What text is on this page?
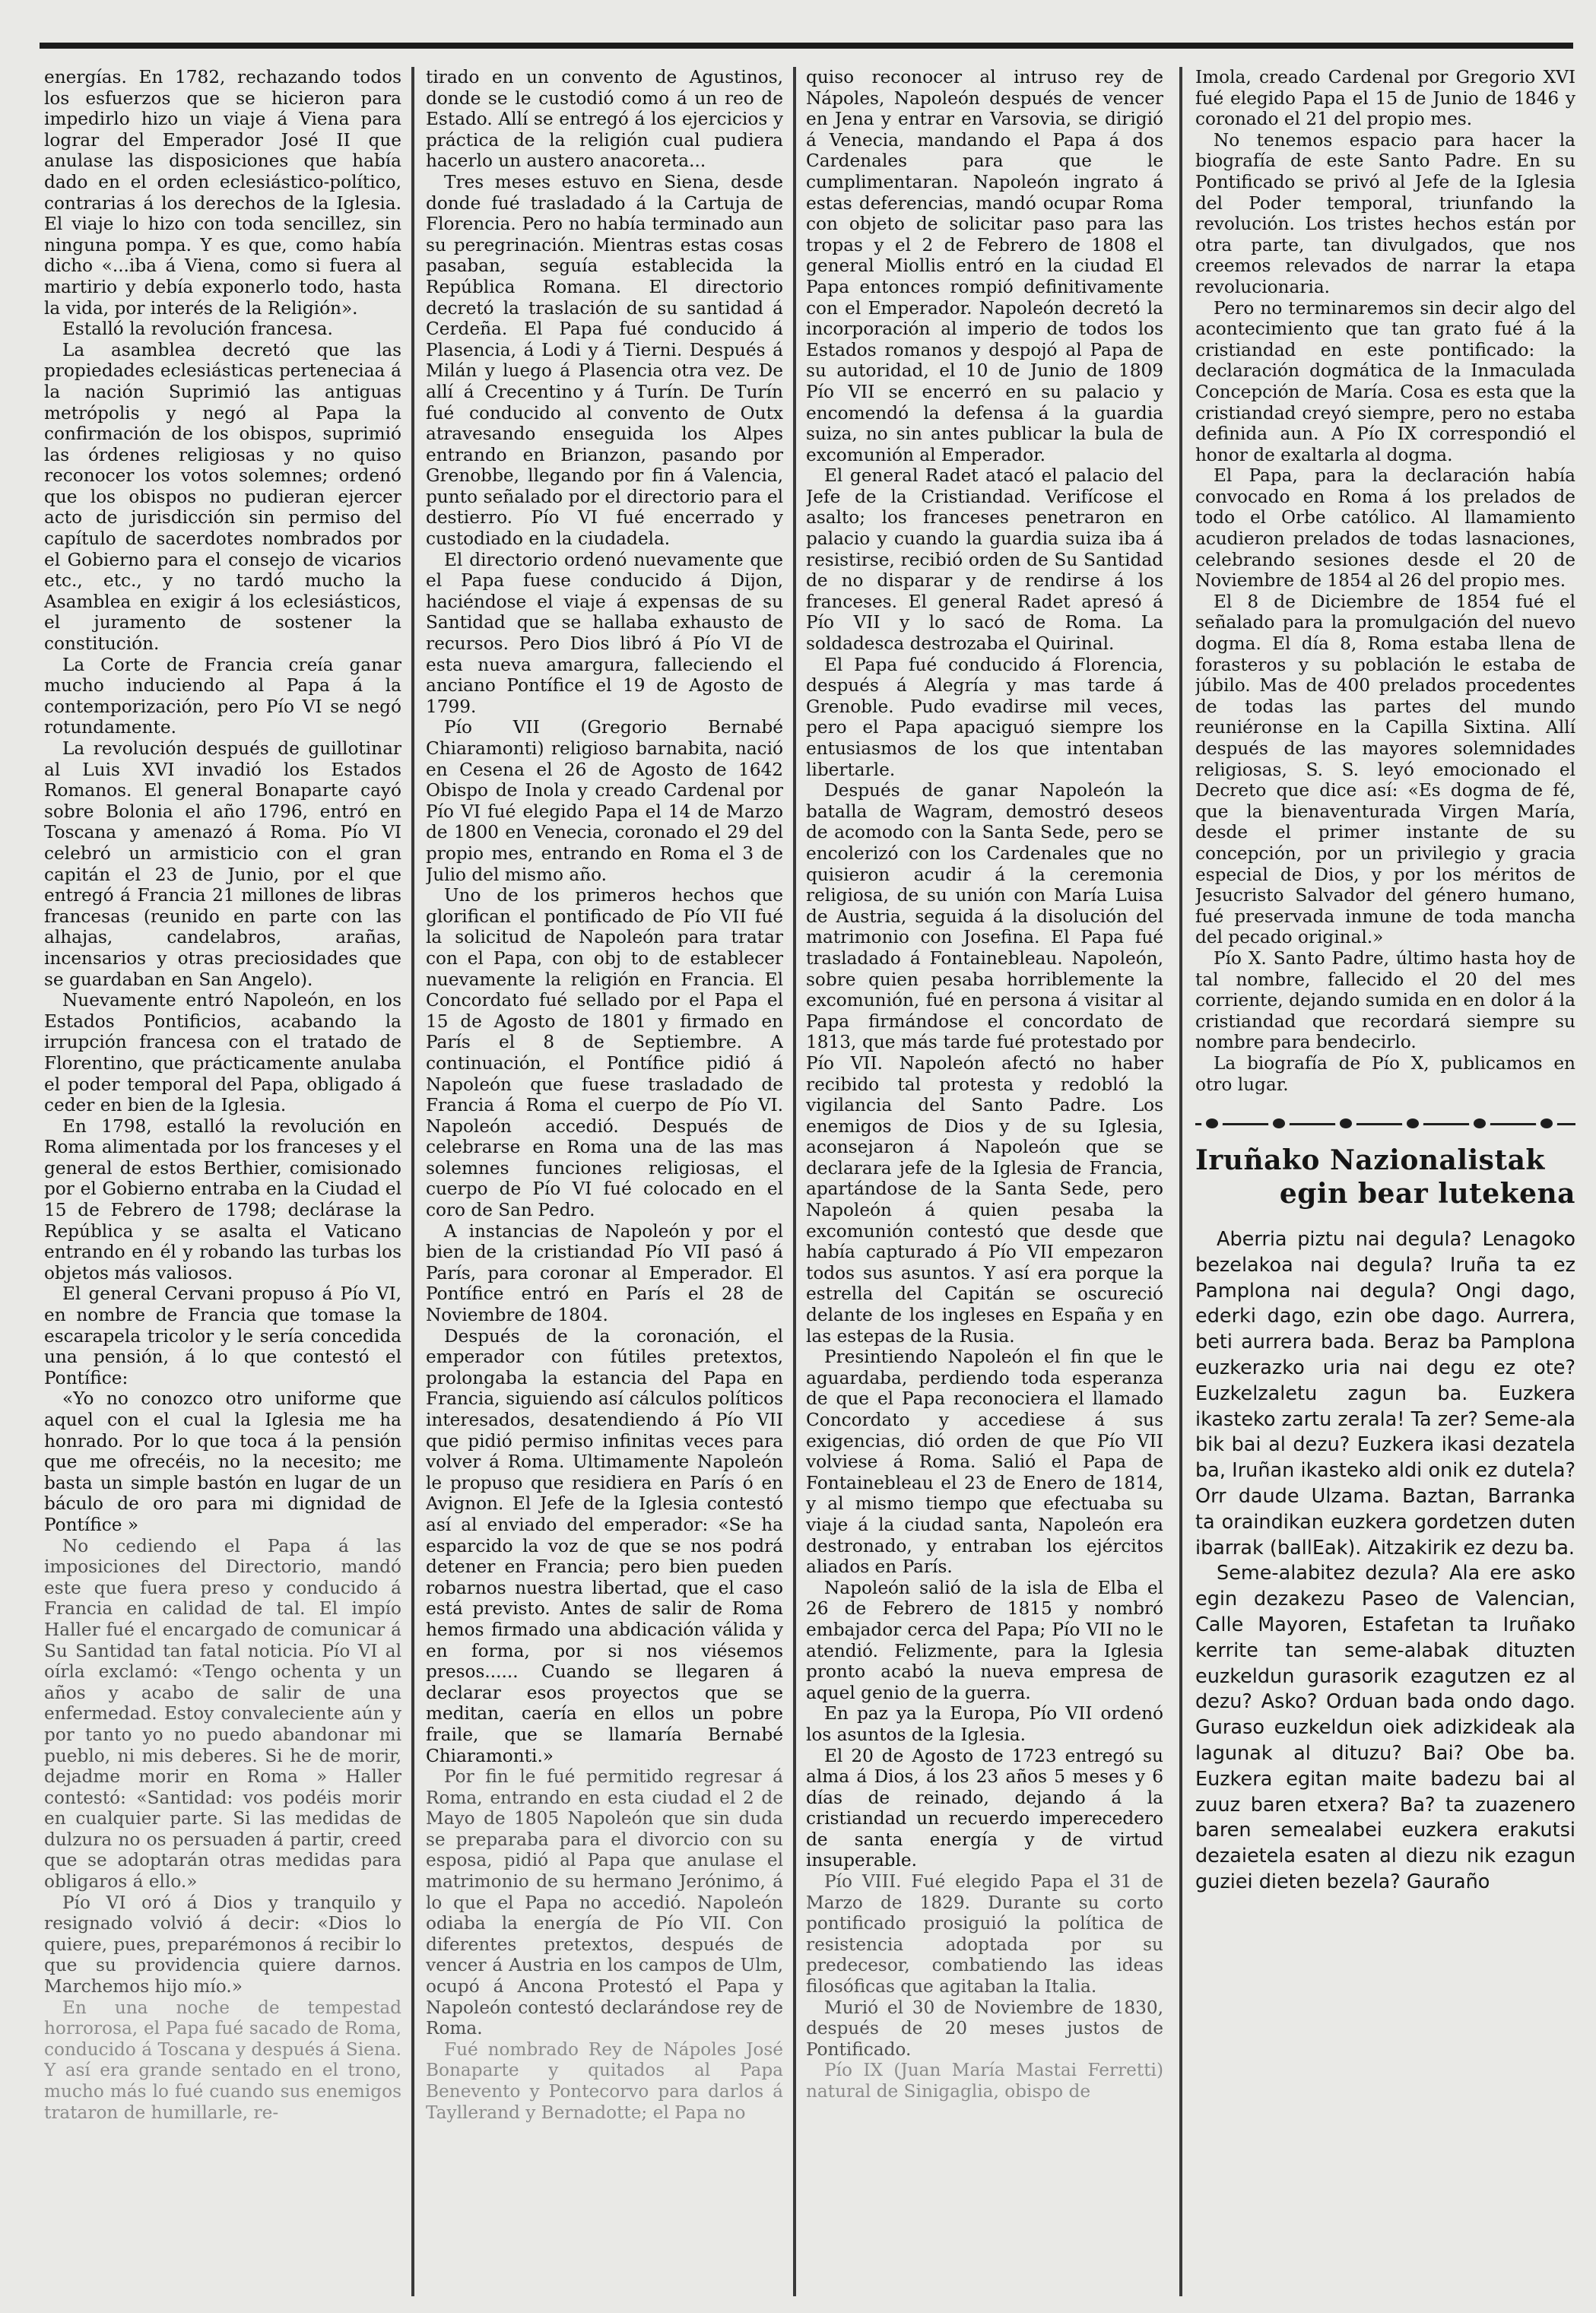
energías. En 1782, rechazando todos los esfuerzos que se hicieron para impedirlo hizo un viaje á Viena para lograr del Emperador José II que anulase las disposiciones que había dado en el orden eclesiástico-político, contrarias á los derechos de la Iglesia. El viaje lo hizo con toda sencillez, sin ninguna pompa. Y es que, como había dicho «...iba á Viena, como si fuera al martirio y debía exponerlo todo, hasta la vida, por interés de la Religión».

Estalló la revolución francesa.

La asamblea decretó que las propiedades eclesiásticas perteneciaa á la nación Suprimió las antiguas metrópolis y negó al Papa la confirmación de los obispos, suprimió las órdenes religiosas y no quiso reconocer los votos solemnes; ordenó que los obispos no pudieran ejercer acto de jurisdicción sin permiso del capítulo de sacerdotes nombrados por el Gobierno para el consejo de vicarios etc., etc., y no tardó mucho la Asamblea en exigir á los eclesiásticos, el juramento de sostener la constitución.

La Corte de Francia creía ganar mucho induciendo al Papa á la contemporización, pero Pío VI se negó rotundamente.

La revolución después de guillotinar al Luis XVI invadió los Estados Romanos. El general Bonaparte cayó sobre Bolonia el año 1796, entró en Toscana y amenazó á Roma. Pío VI celebró un armisticio con el gran capitán el 23 de Junio, por el que entregó á Francia 21 millones de libras francesas (reunido en parte con las alhajas, candelabros, arañas, incensarios y otras preciosidades que se guardaban en San Angelo).

Nuevamente entró Napoleón, en los Estados Pontificios, acabando la irrupción francesa con el tratado de Florentino, que prácticamente anulaba el poder temporal del Papa, obligado á ceder en bien de la Iglesia.

En 1798, estalló la revolución en Roma alimentada por los franceses y el general de estos Berthier, comisionado por el Gobierno entraba en la Ciudad el 15 de Febrero de 1798; declárase la República y se asalta el Vaticano entrando en él y robando las turbas los objetos más valiosos.

El general Cervani propuso á Pío VI, en nombre de Francia que tomase la escarapela tricolor y le sería concedida una pensión, á lo que contestó el Pontífice:

«Yo no conozco otro uniforme que aquel con el cual la Iglesia me ha honrado. Por lo que toca á la pensión que me ofrecéis, no la necesito; me basta un simple bastón en lugar de un báculo de oro para mi dignidad de Pontífice »

No cediendo el Papa á las imposiciones del Directorio, mandó este que fuera preso y conducido á Francia en calidad de tal. El impío Haller fué el encargado de comunicar á Su Santidad tan fatal noticia. Pío VI al oírla exclamó: «Tengo ochenta y un años y acabo de salir de una enfermedad. Estoy convaleciente aún y por tanto yo no puedo abandonar mi pueblo, ni mis deberes. Si he de morir, dejadme morir en Roma » Haller contestó: «Santidad: vos podéis morir en cualquier parte. Si las medidas de dulzura no os persuaden á partir, creed que se adoptarán otras medidas para obligaros á ello.»

Pío VI oró á Dios y tranquilo y resignado volvió á decir: «Dios lo quiere, pues, preparémonos á recibir lo que su providencia quiere darnos. Marchemos hijo mío.»

En una noche de tempestad horrorosa, el Papa fué sacado de Roma, conducido á Toscana y después á Siena. Y así era grande sentado en el trono, mucho más lo fué cuando sus enemigos trataron de humillarle, re-

tirado en un convento de Agustinos, donde se le custodió como á un reo de Estado. Allí se entregó á los ejercicios y práctica de la religión cual pudiera hacerlo un austero anacoreta...

Tres meses estuvo en Siena, desde donde fué trasladado á la Cartuja de Florencia. Pero no había terminado aun su peregrinación. Mientras estas cosas pasaban, seguía establecida la República Romana. El directorio decretó la traslación de su santidad á Cerdeña. El Papa fué conducido á Plasencia, á Lodi y á Tierni. Después á Milán y luego á Plasencia otra vez. De allí á Crecentino y á Turín. De Turín fué conducido al convento de Outx atravesando enseguida los Alpes entrando en Brianzon, pasando por Grenobbe, llegando por fin á Valencia, punto señalado por el directorio para el destierro. Pío VI fué encerrado y custodiado en la ciudadela.

El directorio ordenó nuevamente que el Papa fuese conducido á Dijon, haciéndose el viaje á expensas de su Santidad que se hallaba exhausto de recursos. Pero Dios libró á Pío VI de esta nueva amargura, falleciendo el anciano Pontífice el 19 de Agosto de 1799.

Pío VII (Gregorio Bernabé Chiaramonti) religioso barnabita, nació en Cesena el 26 de Agosto de 1642 Obispo de Inola y creado Cardenal por Pío VI fué elegido Papa el 14 de Marzo de 1800 en Venecia, coronado el 29 del propio mes, entrando en Roma el 3 de Julio del mismo año.

Uno de los primeros hechos que glorifican el pontificado de Pío VII fué la solicitud de Napoleón para tratar con el Papa, con obj to de establecer nuevamente la religión en Francia. El Concordato fué sellado por el Papa el 15 de Agosto de 1801 y firmado en París el 8 de Septiembre. A continuación, el Pontífice pidió á Napoleón que fuese trasladado de Francia á Roma el cuerpo de Pío VI. Napoleón accedió. Después de celebrarse en Roma una de las mas solemnes funciones religiosas, el cuerpo de Pío VI fué colocado en el coro de San Pedro.

A instancias de Napoleón y por el bien de la cristiandad Pío VII pasó á París, para coronar al Emperador. El Pontífice entró en París el 28 de Noviembre de 1804.

Después de la coronación, el emperador con fútiles pretextos, prolongaba la estancia del Papa en Francia, siguiendo así cálculos políticos interesados, desatendiendo á Pío VII que pidió permiso infinitas veces para volver á Roma. Ultimamente Napoleón le propuso que residiera en París ó en Avignon. El Jefe de la Iglesia contestó así al enviado del emperador: «Se ha esparcido la voz de que se nos podrá detener en Francia; pero bien pueden robarnos nuestra libertad, que el caso está previsto. Antes de salir de Roma hemos firmado una abdicación válida y en forma, por si nos viésemos presos...... Cuando se llegaren á declarar esos proyectos que se meditan, caería en ellos un pobre fraile, que se llamaría Bernabé Chiaramonti.»

Por fin le fué permitido regresar á Roma, entrando en esta ciudad el 2 de Mayo de 1805 Napoleón que sin duda se preparaba para el divorcio con su esposa, pidió al Papa que anulase el matrimonio de su hermano Jerónimo, á lo que el Papa no accedió. Napoleón odiaba la energía de Pío VII. Con diferentes pretextos, después de vencer á Austria en los campos de Ulm, ocupó á Ancona Protestó el Papa y Napoleón contestó declarándose rey de Roma.

Fué nombrado Rey de Nápoles José Bonaparte y quitados al Papa Benevento y Pontecorvo para darlos á Tayllerand y Bernadotte; el Papa no

quiso reconocer al intruso rey de Nápoles, Napoleón después de vencer en Jena y entrar en Varsovia, se dirigió á Venecia, mandando el Papa á dos Cardenales para que le cumplimentaran. Napoleón ingrato á estas deferencias, mandó ocupar Roma con objeto de solicitar paso para las tropas y el 2 de Febrero de 1808 el general Miollis entró en la ciudad El Papa entonces rompió definitivamente con el Emperador. Napoleón decretó la incorporación al imperio de todos los Estados romanos y despojó al Papa de su autoridad, el 10 de Junio de 1809 Pío VII se encerró en su palacio y encomendó la defensa á la guardia suiza, no sin antes publicar la bula de excomunión al Emperador.

El general Radet atacó el palacio del Jefe de la Cristiandad. Verifícose el asalto; los franceses penetraron en palacio y cuando la guardia suiza iba á resistirse, recibió orden de Su Santidad de no disparar y de rendirse á los franceses. El general Radet apresó á Pío VII y lo sacó de Roma. La soldadesca destrozaba el Quirinal.

El Papa fué conducido á Florencia, después á Alegría y mas tarde á Grenoble. Pudo evadirse mil veces, pero el Papa apaciguó siempre los entusiasmos de los que intentaban libertarle.

Después de ganar Napoleón la batalla de Wagram, demostró deseos de acomodo con la Santa Sede, pero se encolerizó con los Cardenales que no quisieron acudir á la ceremonia religiosa, de su unión con María Luisa de Austria, seguida á la disolución del matrimonio con Josefina. El Papa fué trasladado á Fontainebleau. Napoleón, sobre quien pesaba horriblemente la excomunión, fué en persona á visitar al Papa firmándose el concordato de 1813, que más tarde fué protestado por Pío VII. Napoleón afectó no haber recibido tal protesta y redobló la vigilancia del Santo Padre. Los enemigos de Dios y de su Iglesia, aconsejaron á Napoleón que se declarara jefe de la Iglesia de Francia, apartándose de la Santa Sede, pero Napoleón á quien pesaba la excomunión contestó que desde que había capturado á Pío VII empezaron todos sus asuntos. Y así era porque la estrella del Capitán se oscureció delante de los ingleses en España y en las estepas de la Rusia.

Presintiendo Napoleón el fin que le aguardaba, perdiendo toda esperanza de que el Papa reconociera el llamado Concordato y accediese á sus exigencias, dió orden de que Pío VII volviese á Roma. Salió el Papa de Fontainebleau el 23 de Enero de 1814, y al mismo tiempo que efectuaba su viaje á la ciudad santa, Napoleón era destronado, y entraban los ejércitos aliados en París.

Napoleón salió de la isla de Elba el 26 de Febrero de 1815 y nombró embajador cerca del Papa; Pío VII no le atendió. Felizmente, para la Iglesia pronto acabó la nueva empresa de aquel genio de la guerra.

En paz ya la Europa, Pío VII ordenó los asuntos de la Iglesia.

El 20 de Agosto de 1723 entregó su alma á Dios, á los 23 años 5 meses y 6 días de reinado, dejando á la cristiandad un recuerdo imperecedero de santa energía y de virtud insuperable.

Pío VIII. Fué elegido Papa el 31 de Marzo de 1829. Durante su corto pontificado prosiguió la política de resistencia adoptada por su predecesor, combatiendo las ideas filosóficas que agitaban la Italia.

Murió el 30 de Noviembre de 1830, después de 20 meses justos de Pontificado.

Pío IX (Juan María Mastai Ferretti) natural de Sinigaglia, obispo de

Imola, creado Cardenal por Gregorio XVI fué elegido Papa el 15 de Junio de 1846 y coronado el 21 del propio mes.

No tenemos espacio para hacer la biografía de este Santo Padre. En su Pontificado se privó al Jefe de la Iglesia del Poder temporal, triunfando la revolución. Los tristes hechos están por otra parte, tan divulgados, que nos creemos relevados de narrar la etapa revolucionaria.

Pero no terminaremos sin decir algo del acontecimiento que tan grato fué á la cristiandad en este pontificado: la declaración dogmática de la Inmaculada Concepción de María. Cosa es esta que la cristiandad creyó siempre, pero no estaba definida aun. A Pío IX correspondió el honor de exaltarla al dogma.

El Papa, para la declaración había convocado en Roma á los prelados de todo el Orbe católico. Al llamamiento acudieron prelados de todas lasnaciones, celebrando sesiones desde el 20 de Noviembre de 1854 al 26 del propio mes.

El 8 de Diciembre de 1854 fué el señalado para la promulgación del nuevo dogma. El día 8, Roma estaba llena de forasteros y su población le estaba de júbilo. Mas de 400 prelados procedentes de todas las partes del mundo reuniéronse en la Capilla Sixtina. Allí después de las mayores solemnidades religiosas, S. S. leyó emocionado el Decreto que dice así: «Es dogma de fé, que la bienaventurada Virgen María, desde el primer instante de su concepción, por un privilegio y gracia especial de Dios, y por los méritos de Jesucristo Salvador del género humano, fué preservada inmune de toda mancha del pecado original.»

Pío X. Santo Padre, último hasta hoy de tal nombre, fallecido el 20 del mes corriente, dejando sumida en en dolor á la cristiandad que recordará siempre su nombre para bendecirlo.

La biografía de Pío X, publicamos en otro lugar.

Iruñako Nazionalistak
egin bear lutekena

Aberria piztu nai degula? Lenagoko bezelakoa nai degula? Iruña ta ez Pamplona nai degula? Ongi dago, ederki dago, ezin obe dago. Aurrera, beti aurrera bada. Beraz ba Pamplona euzkerazko uria nai degu ez ote? Euzkelzaletu zagun ba. Euzkera ikasteko zartu zerala! Ta zer? Seme-ala bik bai al dezu? Euzkera ikasi dezatela ba, Iruñan ikasteko aldi onik ez dutela? Orr daude Ulzama. Baztan, Barranka ta oraindikan euzkera gordetzen duten ibarrak (ballEak). Aitzakirik ez dezu ba.

Seme-alabitez dezula? Ala ere asko egin dezakezu Paseo de Valencian, Calle Mayoren, Estafetan ta Iruñako kerrite tan seme-alabak dituzten euzkeldun gurasorik ezagutzen ez al dezu? Asko? Orduan bada ondo dago. Guraso euzkeldun oiek adizkideak ala lagunak al dituzu? Bai? Obe ba. Euzkera egitan maite badezu bai al zuuz baren etxera? Ba? ta zuazenero baren semealabei euzkera erakutsi dezaietela esaten al diezu nik ezagun guziei dieten bezela? Gauraño
